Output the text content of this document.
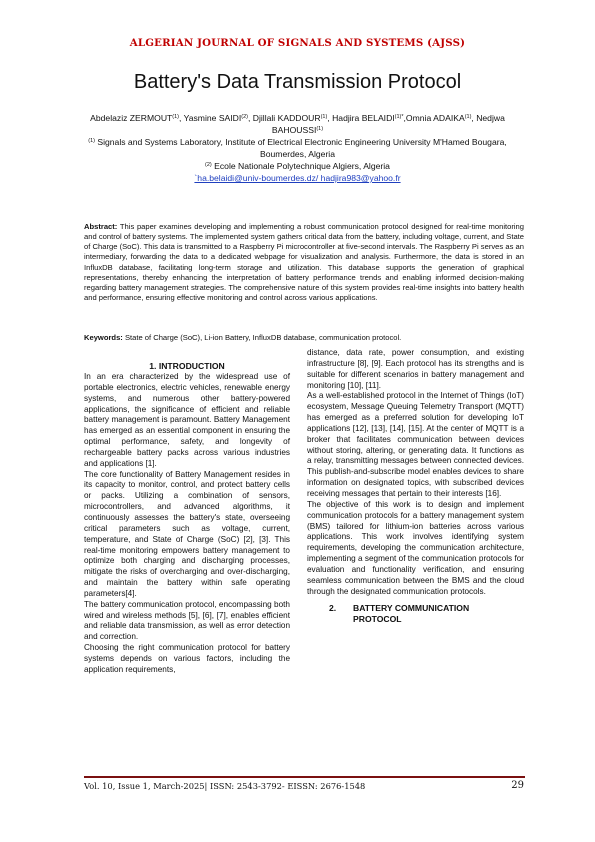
ALGERIAN JOURNAL OF SIGNALS AND SYSTEMS (AJSS)
Battery's Data Transmission Protocol
Abdelaziz ZERMOUT$^{(1)}$, Yasmine SAIDI$^{(2)}$, Djillali KADDOUR$^{(1)}$, Hadjira $BELAIDI^{(1)*},Omnia$ ADAIKA$^{(1)}$, Nedjwa BAHOUSSI$^{(1)}$
$^{(1)}$ Signals and Systems Laboratory, Institute of Electrical Electronic Engineering University M'Hamed Bougara, Boumerdes, Algeria
$^{(2)}$ Ecole Nationale Polytechnique Algiers, Algeria
`ha.belaidi@univ-boumerdes.dz/ hadjira983@yahoo.fr
Abstract: This paper examines developing and implementing a robust communication protocol designed for real-time monitoring and control of battery systems. The implemented system gathers critical data from the battery, including voltage, current, and State of Charge (SoC). This data is transmitted to a Raspberry Pi microcontroller at five-second intervals. The Raspberry Pi serves as an intermediary, forwarding the data to a dedicated webpage for visualization and analysis. Furthermore, the data is stored in an InfluxDB database, facilitating long-term storage and utilization. This database supports the generation of graphical representations, thereby enhancing the interpretation of battery performance trends and enabling informed decision-making regarding battery management strategies. The comprehensive nature of this system provides real-time insights into battery health and performance, ensuring effective monitoring and control across various applications.
Keywords: State of Charge (SoC), Li-ion Battery, InfluxDB database, communication protocol.

1. INTRODUCTION

In an era characterized by the widespread use of portable electronics, electric vehicles, renewable energy systems, and numerous other battery-powered applications, the significance of efficient and reliable battery management is paramount. Battery Management has emerged as an essential component in ensuring the optimal performance, safety, and longevity of rechargeable battery packs across various industries and applications [1].

The core functionality of Battery Management resides in its capacity to monitor, control, and protect battery cells or packs. Utilizing a combination of sensors, microcontrollers, and advanced algorithms, it continuously assesses the battery's state, overseeing critical parameters such as voltage, current, temperature, and State of Charge (SoC) [2], [3]. This real-time monitoring empowers battery management to optimize both charging and discharging processes, mitigate the risks of overcharging and over-discharging, and maintain the battery within safe operating parameters[4].

The battery communication protocol, encompassing both wired and wireless methods [5], [6], [7], enables efficient and reliable data transmission, as well as error detection and correction.

Choosing the right communication protocol for battery systems depends on various factors, including the application requirements,

distance, data rate, power consumption, and existing infrastructure [8], [9]. Each protocol has its strengths and is suitable for different scenarios in battery management and monitoring [10], [11].

As a well-established protocol in the Internet of Things (IoT) ecosystem, Message Queuing Telemetry Transport (MQTT) has emerged as a preferred solution for developing IoT applications [12], [13], [14], [15]. At the center of MQTT is a broker that facilitates communication between devices without storing, altering, or generating data. It functions as a relay, transmitting messages between connected devices. This publish-and-subscribe model enables devices to share information on designated topics, with subscribed devices receiving messages that pertain to their interests [16].

The objective of this work is to design and implement communication protocols for a battery management system (BMS) tailored for lithium-ion batteries across various applications. This work involves identifying system requirements, developing the communication architecture, implementing a segment of the communication protocols for evaluation and functionality verification, and ensuring seamless communication between the BMS and the cloud through the designated communication protocols.

2. BATTERY COMMUNICATION PROTOCOL
Vol. 10, Issue 1, March-2025| ISSN: 2543-3792- EISSN: 2676-1548	29
